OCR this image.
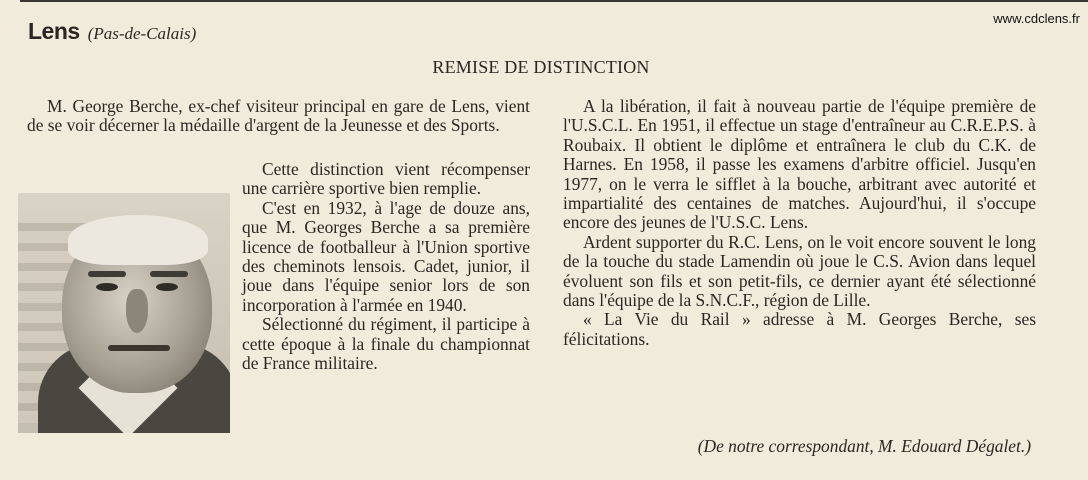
Lens (Pas-de-Calais)
www.cdclens.fr
REMISE DE DISTINCTION

M. George Berche, ex-chef visiteur principal en gare de Lens, vient de se voir décerner la médaille d'argent de la Jeunesse et des Sports.

Cette distinction vient récompenser une carrière sportive bien remplie.

C'est en 1932, à l'age de douze ans, que M. Georges Berche a sa première licence de footballeur à l'Union sportive des cheminots lensois. Cadet, junior, il joue dans l'équipe senior lors de son incorporation à l'armée en 1940.

Sélectionné du régiment, il participe à cette époque à la finale du championnat de France militaire.

A la libération, il fait à nouveau partie de l'équipe première de l'U.S.C.L. En 1951, il effectue un stage d'entraîneur au C.R.E.P.S. à Roubaix. Il obtient le diplôme et entraînera le club du C.K. de Harnes. En 1958, il passe les examens d'arbitre officiel. Jusqu'en 1977, on le verra le sifflet à la bouche, arbitrant avec autorité et impartialité des centaines de matches. Aujourd'hui, il s'occupe encore des jeunes de l'U.S.C. Lens.

Ardent supporter du R.C. Lens, on le voit encore souvent le long de la touche du stade Lamendin où joue le C.S. Avion dans lequel évoluent son fils et son petit-fils, ce dernier ayant été sélectionné dans l'équipe de la S.N.C.F., région de Lille.

« La Vie du Rail » adresse à M. Georges Berche, ses félicitations.

(De notre correspondant, M. Edouard Dégalet.)
